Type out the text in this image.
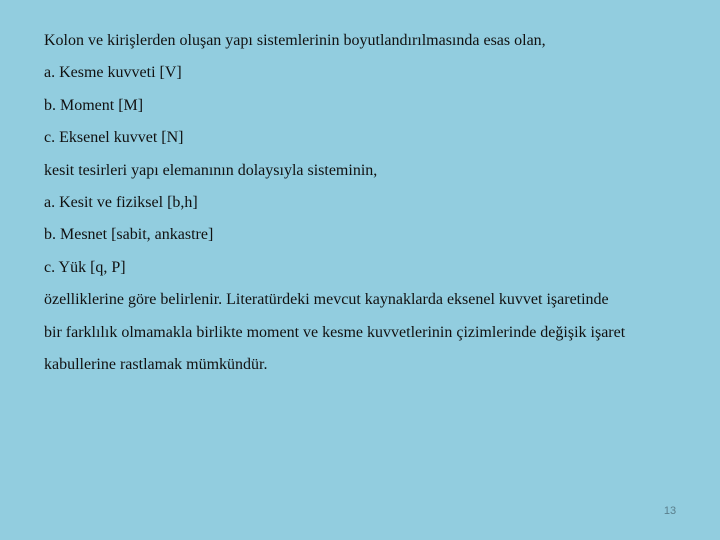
Kolon ve kirişlerden oluşan yapı sistemlerinin boyutlandırılmasında esas olan,
a. Kesme kuvveti [V]
b. Moment [M]
c. Eksenel kuvvet [N]
kesit tesirleri yapı elemanının dolaysıyla sisteminin,
a. Kesit ve fiziksel [b,h]
b. Mesnet [sabit, ankastre]
c. Yük [q, P]
özelliklerine göre belirlenir. Literatürdeki mevcut kaynaklarda eksenel kuvvet işaretinde
bir farklılık olmamakla birlikte moment ve kesme kuvvetlerinin çizimlerinde değişik işaret
kabullerine rastlamak mümkündür.
13
